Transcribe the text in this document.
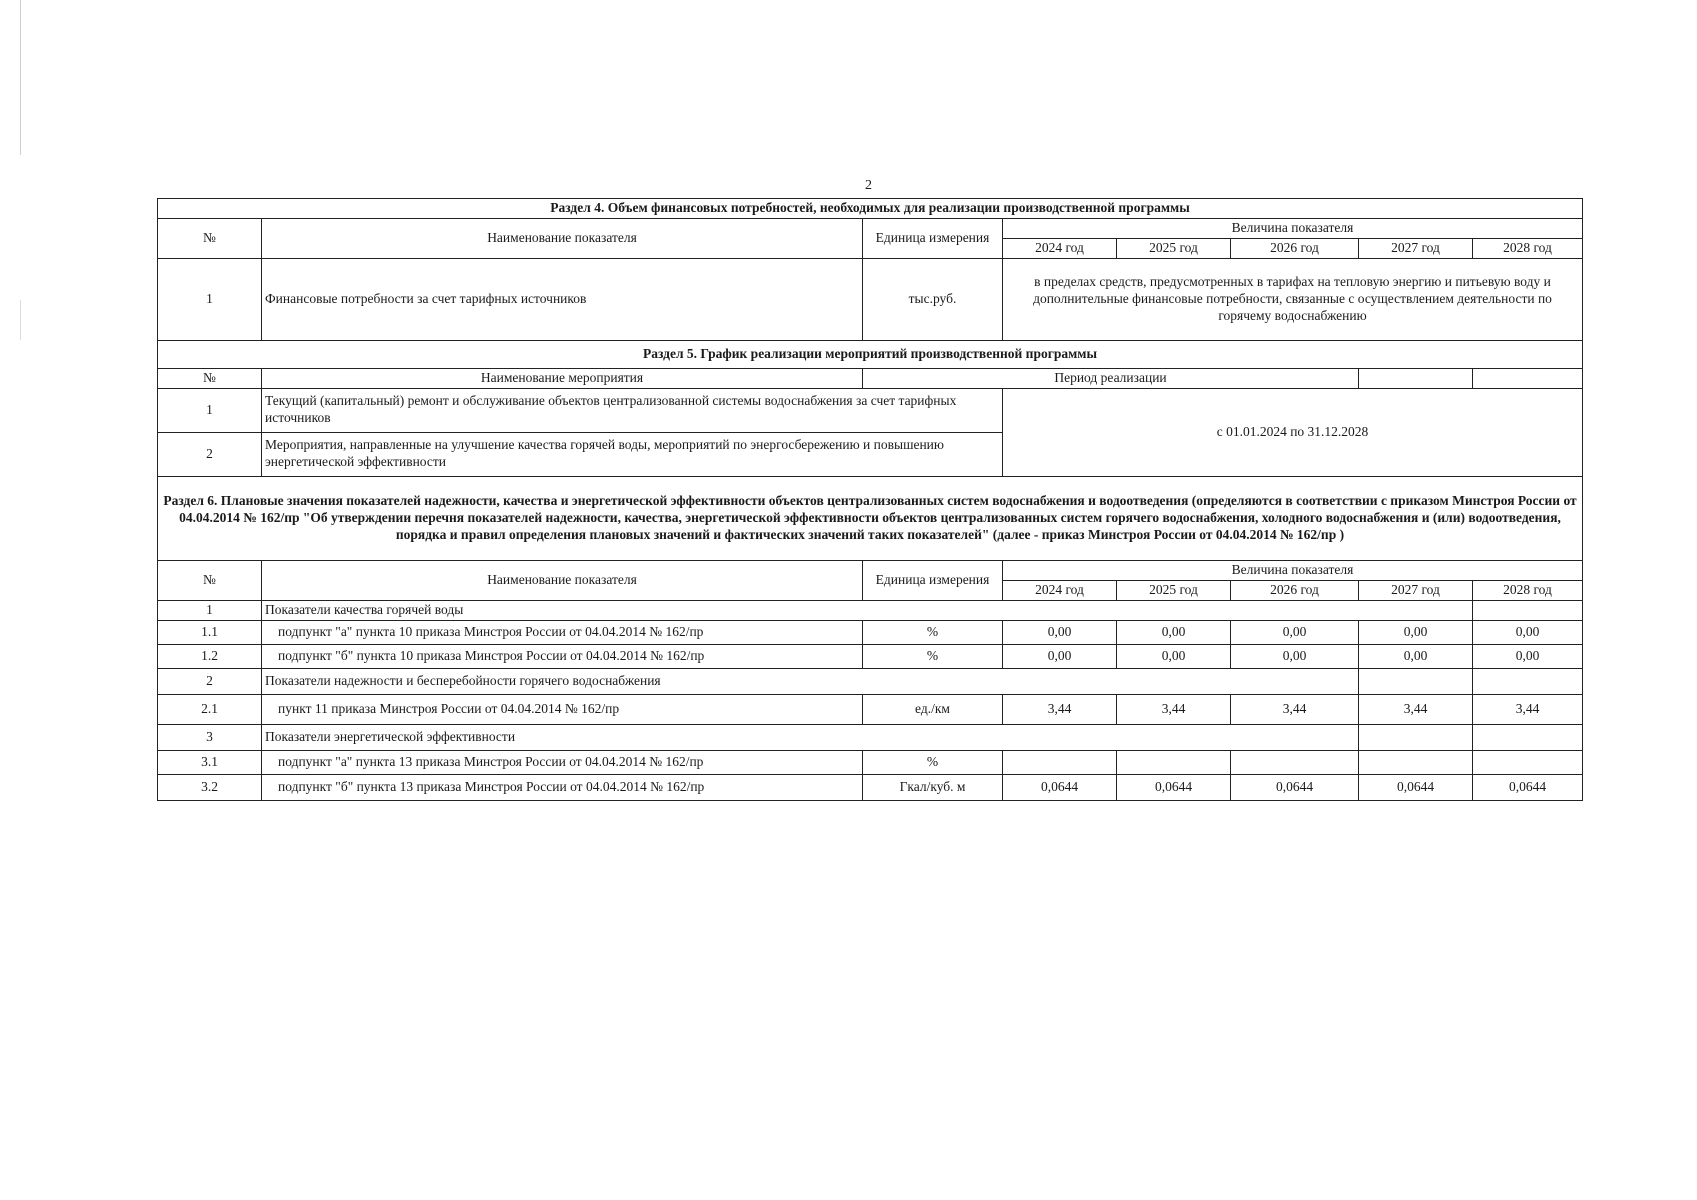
2
Раздел 4. Объем финансовых потребностей, необходимых для реализации производственной программы							
№	Наименование показателя	Единица измерения	Величина показателя				
			2024 год	2025 год	2026 год	2027 год	2028 год
1	Финансовые потребности за счет тарифных источников	тыс.руб.	в пределах средств, предусмотренных в тарифах на тепловую энергию и питьевую воду и дополнительные финансовые потребности, связанные с осуществлением деятельности по горячему водоснабжению				
Раздел 5. График реализации мероприятий производственной программы							
№	Наименование мероприятия	Период реализации					
1	Текущий (капитальный) ремонт и обслуживание объектов централизованной системы водоснабжения за счет тарифных источников		с 01.01.2024 по 31.12.2028				
2	Мероприятия, направленные на улучшение качества горячей воды, мероприятий по энергосбережению и повышению энергетической эффективности						
Раздел 6. Плановые значения показателей надежности, качества и энергетической эффективности объектов централизованных систем водоснабжения и водоотведения (определяются в соответствии с приказом Минстроя России от 04.04.2014 № 162/пр "Об утверждении перечня показателей надежности, качества, энергетической эффективности объектов централизованных систем горячего водоснабжения, холодного водоснабжения и (или) водоотведения, порядка и правил определения плановых значений и фактических значений таких показателей" (далее - приказ Минстроя России от 04.04.2014 № 162/пр )							
№	Наименование показателя	Единица измерения	Величина показателя				
			2024 год	2025 год	2026 год	2027 год	2028 год
1	Показатели качества горячей воды						
1.1	подпункт "а" пункта 10 приказа Минстроя России от 04.04.2014 № 162/пр	%	0,00	0,00	0,00	0,00	0,00
1.2	подпункт "б" пункта 10 приказа Минстроя России от 04.04.2014 № 162/пр	%	0,00	0,00	0,00	0,00	0,00
2	Показатели надежности и бесперебойности горячего водоснабжения						
2.1	пункт 11 приказа Минстроя России от 04.04.2014 № 162/пр	ед./км	3,44	3,44	3,44	3,44	3,44
3	Показатели энергетической эффективности						
3.1	подпункт "а" пункта 13 приказа Минстроя России от 04.04.2014 № 162/пр	%					
3.2	подпункт "б" пункта 13 приказа Минстроя России от 04.04.2014 № 162/пр	Гкал/куб. м	0,0644	0,0644	0,0644	0,0644	0,0644
